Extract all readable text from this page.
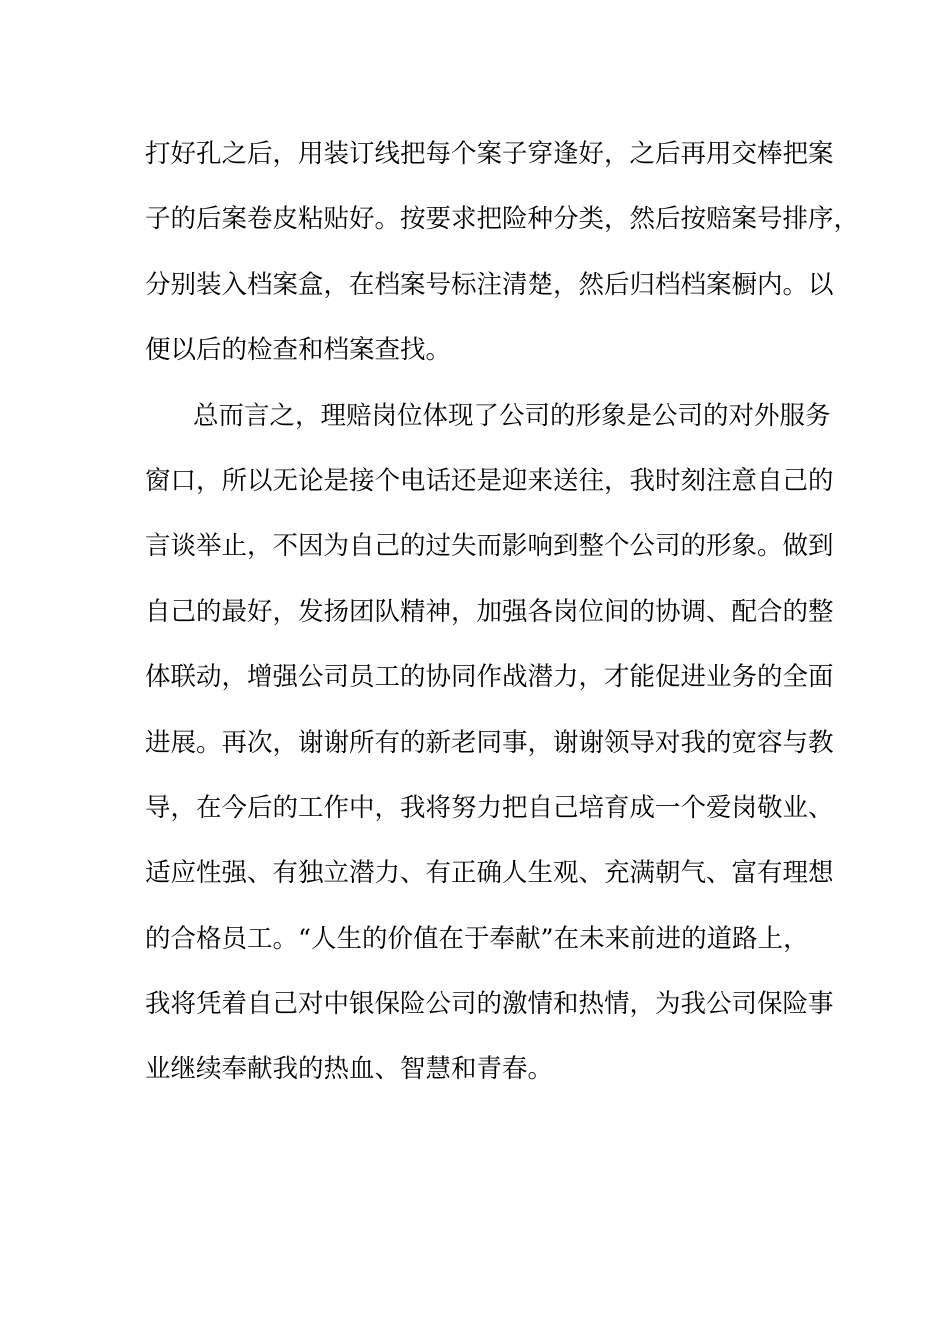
打好孔之后，用装订线把每个案子穿逢好，之后再用交棒把案
子的后案卷皮粘贴好。按要求把险种分类，然后按赔案号排序，
分别装入档案盒，在档案号标注清楚，然后归档档案橱内。以
便以后的检查和档案查找。
总而言之，理赔岗位体现了公司的形象是公司的对外服务
窗口，所以无论是接个电话还是迎来送往，我时刻注意自己的
言谈举止，不因为自己的过失而影响到整个公司的形象。做到
自己的最好，发扬团队精神，加强各岗位间的协调、配合的整
体联动，增强公司员工的协同作战潜力，才能促进业务的全面
进展。再次，谢谢所有的新老同事，谢谢领导对我的宽容与教
导，在今后的工作中，我将努力把自己培育成一个爱岗敬业、
适应性强、有独立潜力、有正确人生观、充满朝气、富有理想
的合格员工。“人生的价值在于奉献”在未来前进的道路上，
我将凭着自己对中银保险公司的激情和热情，为我公司保险事
业继续奉献我的热血、智慧和青春。
